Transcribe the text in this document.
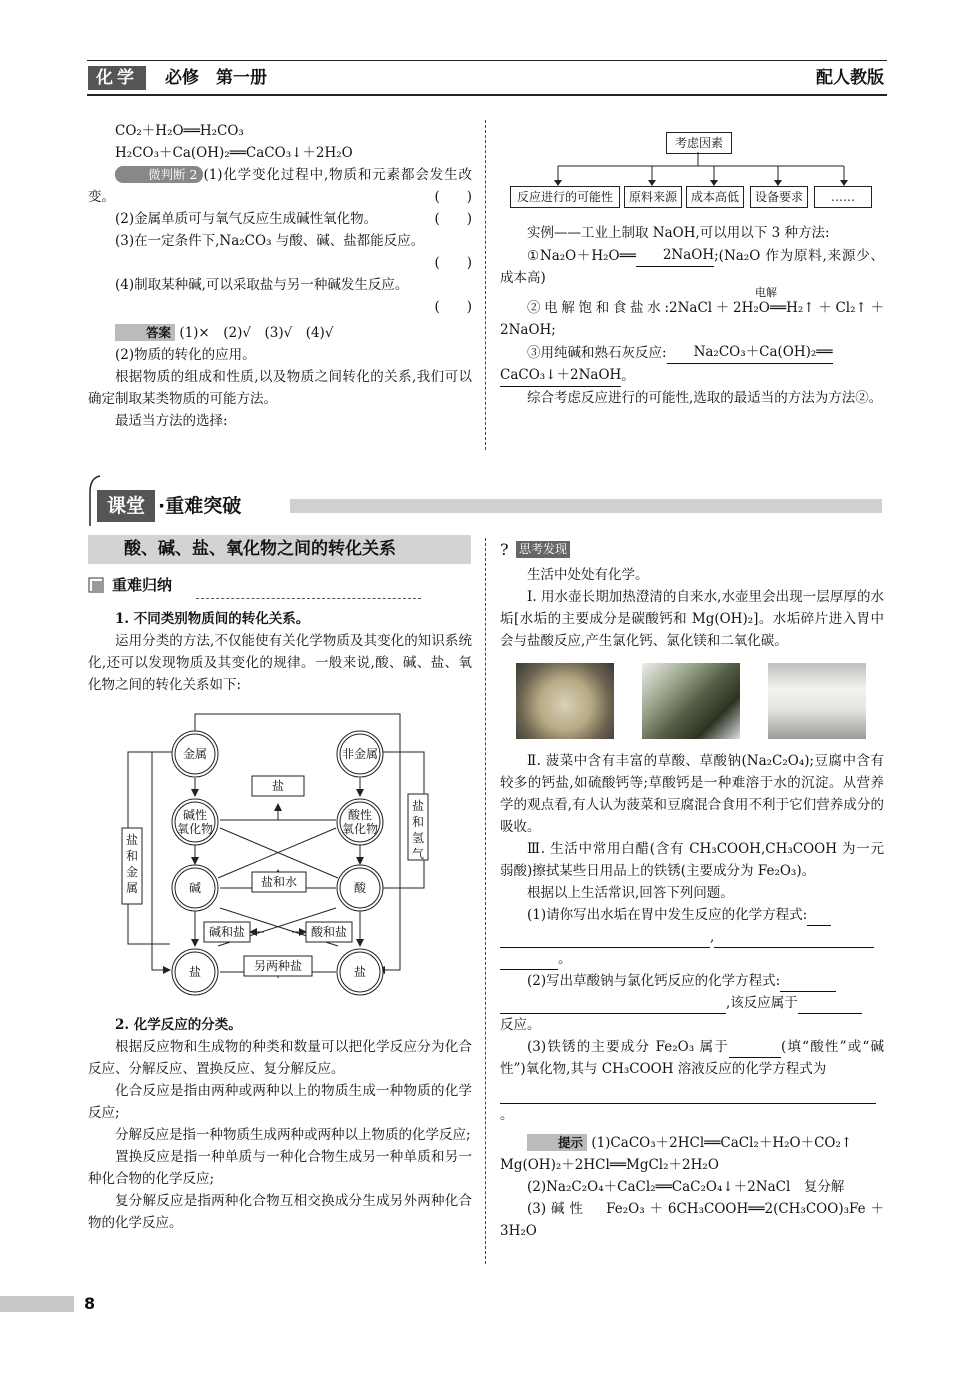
化学	必修　第一册	配人教版
CO₂＋H₂O══H₂CO₃
H₂CO₃＋Ca(OH)₂══CaCO₃↓＋2H₂O
微判断 2 (1)化学变化过程中,物质和元素都会发生改变。	(　　)
(2)金属单质可与氧气反应生成碱性氧化物。	(　　)
(3)在一定条件下,Na₂CO₃ 与酸、碱、盐都能反应。
(　　)
(4)制取某种碱,可以采取盐与另一种碱发生反应。
(　　)
答案 (1)×　(2)√　(3)√　(4)√
(2)物质的转化的应用。
根据物质的组成和性质,以及物质之间转化的关系,我们可以确定制取某类物质的可能方法。
最适当方法的选择:
考虑因素
反应进行的可能性	原料来源	成本高低	设备要求	……
实例——工业上制取 NaOH,可以用以下 3 种方法:
①Na₂O＋H₂O══ 2NaOH;(Na₂O 作为原料,来源少、成本高)
电解
②电解饱和食盐水:2NaCl＋2H₂O══H₂↑＋Cl₂↑＋2NaOH;
③用纯碱和熟石灰反应: Na₂CO₃＋Ca(OH)₂══
CaCO₃↓＋2NaOH。
综合考虑反应进行的可能性,选取的最适当的方法为方法②。
课堂 ·重难突破
酸、碱、盐、氧化物之间的转化关系
重难归纳
1. 不同类别物质间的转化关系。
运用分类的方法,不仅能使有关化学物质及其变化的知识系统化,还可以发现物质及其变化的规律。一般来说,酸、碱、盐、氧化物之间的转化关系如下:
金属	非金属
碱性
氧化物
酸性
氧化物
碱	酸
盐	盐
盐
盐和水
碱和盐	酸和盐
另两种盐
盐
和
金
属
盐
和
氢
气
2. 化学反应的分类。
根据反应物和生成物的种类和数量可以把化学反应分为化合反应、分解反应、置换反应、复分解反应。
化合反应是指由两种或两种以上的物质生成一种物质的化学反应;
分解反应是指一种物质生成两种或两种以上物质的化学反应;
置换反应是指一种单质与一种化合物生成另一种单质和另一种化合物的化学反应;
复分解反应是指两种化合物互相交换成分生成另外两种化合物的化学反应。
? 思考发现
生活中处处有化学。
Ⅰ. 用水壶长期加热澄清的自来水,水壶里会出现一层厚厚的水垢[水垢的主要成分是碳酸钙和 Mg(OH)₂]。水垢碎片进入胃中会与盐酸反应,产生氯化钙、氯化镁和二氧化碳。
Ⅱ. 菠菜中含有丰富的草酸、草酸钠(Na₂C₂O₄);豆腐中含有较多的钙盐,如硫酸钙等;草酸钙是一种难溶于水的沉淀。从营养学的观点看,有人认为菠菜和豆腐混合食用不利于它们营养成分的吸收。
Ⅲ. 生活中常用白醋(含有 CH₃COOH,CH₃COOH 为一元弱酸)擦拭某些日用品上的铁锈(主要成分为 Fe₂O₃)。
根据以上生活常识,回答下列问题。
(1)请你写出水垢在胃中发生反应的化学方程式:
,
。
(2)写出草酸钠与氯化钙反应的化学方程式:
,该反应属于
反应。
(3)铁锈的主要成分 Fe₂O₃ 属于	(填“酸性”或“碱性”)氧化物,其与 CH₃COOH 溶液反应的化学方程式为
。
提示 (1)CaCO₃＋2HCl══CaCl₂＋H₂O＋CO₂↑
Mg(OH)₂＋2HCl══MgCl₂＋2H₂O
(2)Na₂C₂O₄＋CaCl₂══CaC₂O₄↓＋2NaCl　复分解
(3)碱性　Fe₂O₃＋6CH₃COOH══2(CH₃COO)₃Fe＋3H₂O
8
